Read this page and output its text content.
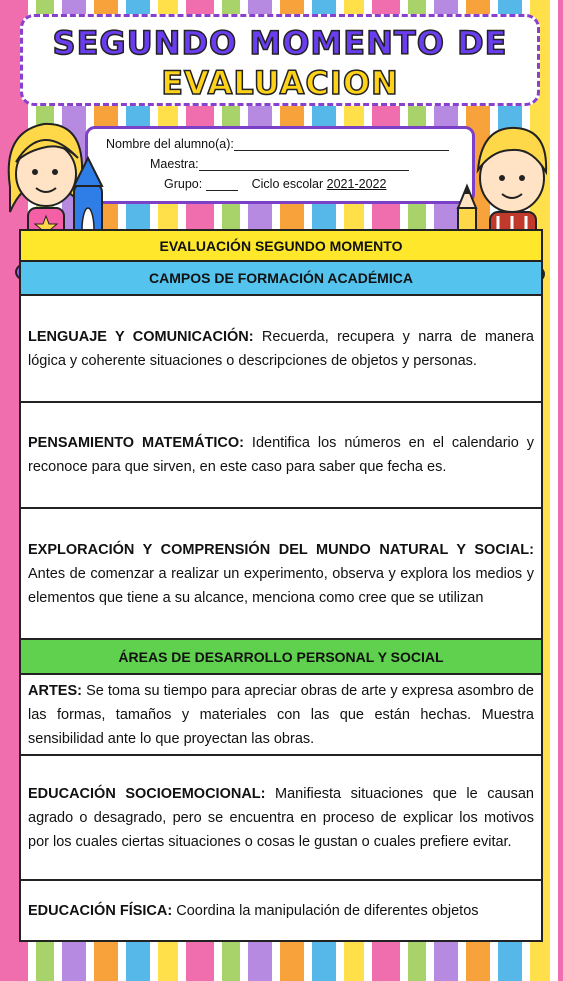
SEGUNDO MOMENTO DE
EVALUACION
Nombre del alumno(a):
Maestra:
Grupo:	Ciclo escolar 2021-2022
EVALUACIÓN SEGUNDO MOMENTO
CAMPOS DE FORMACIÓN ACADÉMICA

LENGUAJE Y COMUNICACIÓN: Recuerda, recupera y narra de manera lógica y coherente situaciones o descripciones de objetos y personas.

PENSAMIENTO MATEMÁTICO: Identifica los números en el calendario y reconoce para que sirven, en este caso para saber que fecha es.

EXPLORACIÓN Y COMPRENSIÓN DEL MUNDO NATURAL Y SOCIAL: Antes de comenzar a realizar un experimento, observa y explora los medios y elementos que tiene a su alcance, menciona como cree que se utilizan

ÁREAS DE DESARROLLO PERSONAL Y SOCIAL

ARTES: Se toma su tiempo para apreciar obras de arte y expresa asombro de las formas, tamaños y materiales con las que están hechas. Muestra sensibilidad ante lo que proyectan las obras.

EDUCACIÓN SOCIOEMOCIONAL: Manifiesta situaciones que le causan agrado o desagrado, pero se encuentra en proceso de explicar los motivos por los cuales ciertas situaciones o cosas le gustan o cuales prefiere evitar.

EDUCACIÓN FÍSICA: Coordina la manipulación de diferentes objetos
